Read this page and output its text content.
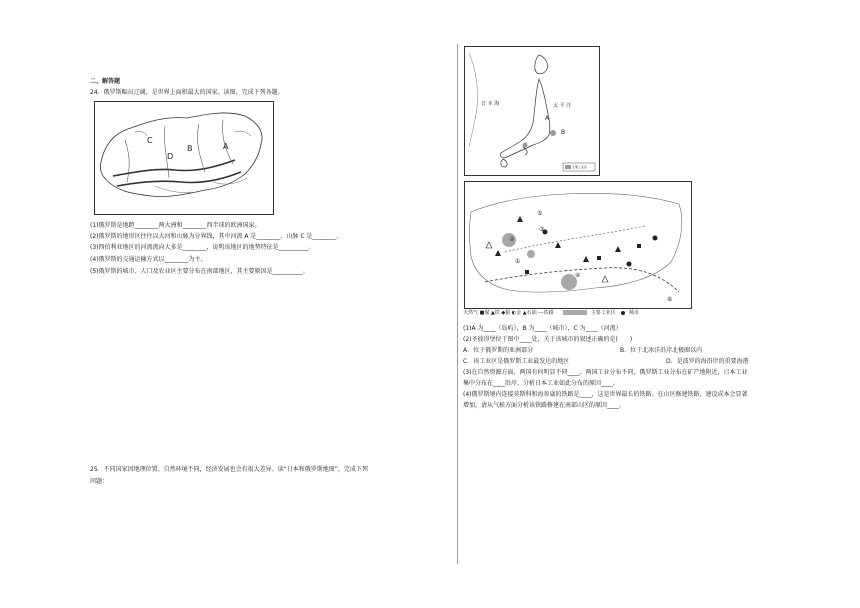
二、解答题
24．俄罗斯幅员辽阔，是世界上面积最大的国家。读图，完成下列各题。
C
D
B	A
(1)俄罗斯是地跨________两大洲和________西半球的欧洲国家。
(2)俄罗斯的地形区往往以大河和山脉为分界线，其中河流 A 是________，山脉 C 是________。
(3)西伯利亚地区的河流流向大多是________，说明该地区的地势特征是__________。
(4)俄罗斯的交通运输方式以________为主。
(5)俄罗斯的城市、人口及农业区主要分布在南部地区，其主要原因是__________。
25．不同国家因地理位置、自然环境不同，经济发展也会有很大差异。读“日本和俄罗斯地图”，完成下列
问题：
日 本 海	太 平 洋
A
B
主要工业区
⑤
②
①
③
④
⑥
天然气 ■煤 ▲铁 ◆铜 ◐金 ▲石油 ---铁路	主要工业区	城市
(1)A 为____（岛屿），B 为____（城市），C 为____（河流）
(2)圣彼得堡位于图中____处，关于该城市的叙述正确的是(　　)
A．位于俄罗斯的亚洲部分	B．位于北冰洋沿岸北极圈以内
C．该工业区是俄罗斯工业最发达的地区	D．是波罗的海沿岸的重要海港
(3)在自然资源方面，两国有何明显不同____。两国工业分布不同，俄罗斯工业分布在矿产地附近，日本工业
集中分布在____沿岸，分析日本工业如此分布的原因____。
(4)俄罗斯境内连接莫斯科和海参崴的铁路是____，这是世界最长的铁路。在山区修建铁路，建设成本会显著
增加，请从气候方面分析该铁路修建在南部山区的原因____。
